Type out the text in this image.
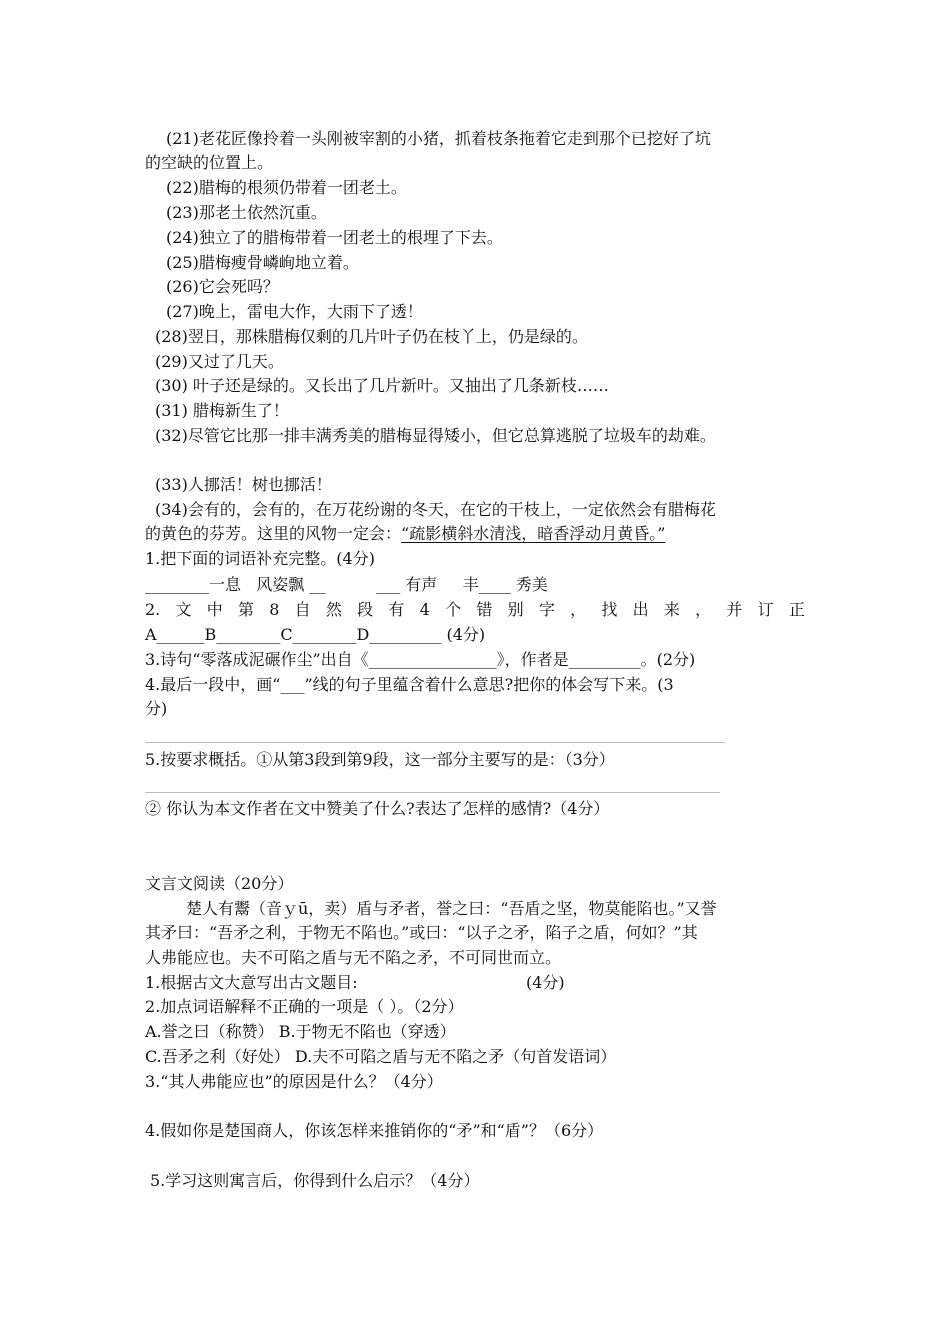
(21)老花匠像拎着一头刚被宰割的小猪，抓着枝条拖着它走到那个已挖好了坑
的空缺的位置上。
(22)腊梅的根须仍带着一团老土。
(23)那老土依然沉重。
(24)独立了的腊梅带着一团老土的根埋了下去。
(25)腊梅瘦骨嶙峋地立着。
(26)它会死吗？
(27)晚上，雷电大作，大雨下了透！
(28)翌日，那株腊梅仅剩的几片叶子仍在枝丫上，仍是绿的。
(29)又过了几天。
(30) 叶子还是绿的。又长出了几片新叶。又抽出了几条新枝……
(31) 腊梅新生了！
(32)尽管它比那一排丰满秀美的腊梅显得矮小，但它总算逃脱了垃圾车的劫难。
(33)人挪活！树也挪活！
(34)会有的，会有的，在万花纷谢的冬天，在它的干枝上，一定依然会有腊梅花
的黄色的芬芳。这里的风物一定会：“疏影横斜水清浅，暗香浮动月黄昏。”
1.把下面的词语补充完整。(4分)
________一息   风姿飘 __          ___ 有声     丰____ 秀美
2. 文 中 第 8 自 然 段 有 4 个 错 别 字 ， 找 出 来 ， 并 订 正
A______B________C________D_________ (4分)
3.诗句“零落成泥碾作尘”出自《________________》，作者是_________。(2分)
4.最后一段中，画“___”线的句子里蕴含着什么意思?把你的体会写下来。(3
分)
5.按要求概括。①从第3段到第9段，这一部分主要写的是：（3分）
② 你认为本文作者在文中赞美了什么?表达了怎样的感情?（4分）
文言文阅读（20分）
楚人有鬻（音ｙū，卖）盾与矛者，誉之曰：“吾盾之坚，物莫能陷也。”又誉
其矛曰：“吾矛之利，于物无不陷也。”或曰：“以子之矛，陷子之盾，何如？”其
人弗能应也。夫不可陷之盾与无不陷之矛，不可同世而立。
1.根据古文大意写出古文题目:	(4分)
2.加点词语解释不正确的一项是（ ）。（2分）
A.誉之曰（称赞） B.于物无不陷也（穿透）
C.吾矛之利（好处） D.夫不可陷之盾与无不陷之矛（句首发语词）
3.“其人弗能应也”的原因是什么？（4分）
4.假如你是楚国商人，你该怎样来推销你的“矛”和“盾”？（6分）
5.学习这则寓言后，你得到什么启示？（4分）
